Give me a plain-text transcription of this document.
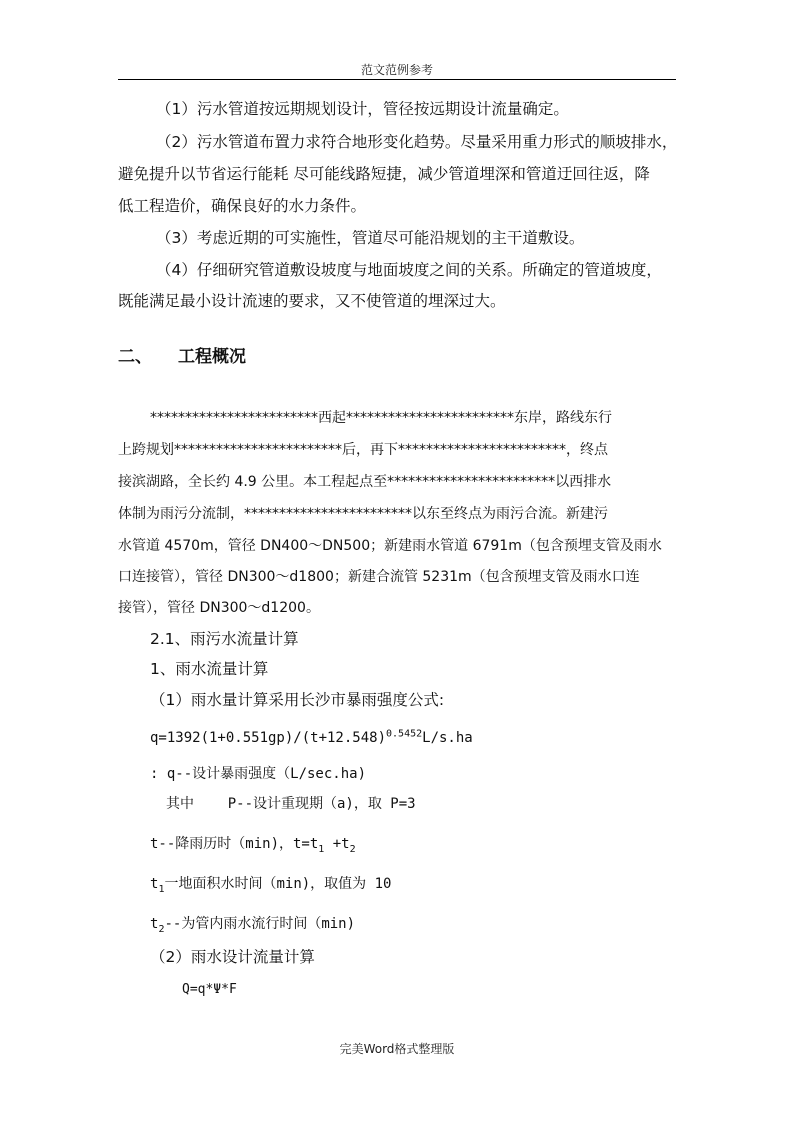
范文范例参考
（1）污水管道按远期规划设计，管径按远期设计流量确定。
（2）污水管道布置力求符合地形变化趋势。尽量采用重力形式的顺坡排水，
避免提升以节省运行能耗 尽可能线路短捷，减少管道埋深和管道迂回往返，降
低工程造价，确保良好的水力条件。
（3）考虑近期的可实施性，管道尽可能沿规划的主干道敷设。
（4）仔细研究管道敷设坡度与地面坡度之间的关系。所确定的管道坡度，
既能满足最小设计流速的要求，又不使管道的埋深过大。
二、 工程概况
************************西起************************东岸，路线东行
上跨规划************************后，再下************************，终点
接滨湖路，全长约 4.9 公里。本工程起点至************************以西排水
体制为雨污分流制，************************以东至终点为雨污合流。新建污
水管道 4570m，管径 DN400～DN500；新建雨水管道 6791m（包含预埋支管及雨水
口连接管），管径 DN300～d1800；新建合流管 5231m（包含预埋支管及雨水口连
接管），管径 DN300～d1200。
2.1、雨污水流量计算
1、雨水流量计算
（1）雨水量计算采用长沙市暴雨强度公式:
$q=1392(1+0.551gp)/(t+12.548)^{0.5452}L/s.ha$
: q--设计暴雨强度（L/sec.ha)
其中    P--设计重现期（a)，取 P=3
t--降雨历时（min)，$t=t_1 +t_2$
$t_1$一地面积水时间（min)，取值为 10
$t_2--$为管内雨水流行时间（min)
（2）雨水设计流量计算
Q=q*Ψ*F
完美Word格式整理版
